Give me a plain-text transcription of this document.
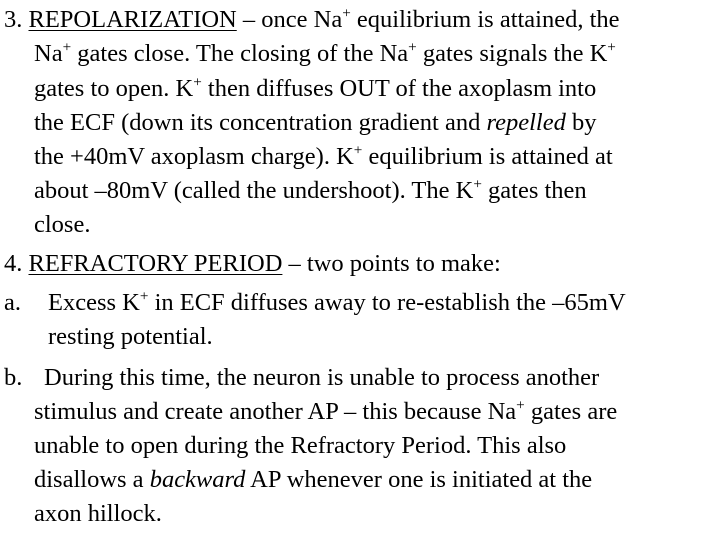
3. REPOLARIZATION – once Na+ equilibrium is attained, the
Na+ gates close. The closing of the Na+ gates signals the K+
gates to open. K+ then diffuses OUT of the axoplasm into
the ECF (down its concentration gradient and repelled by
the +40mV axoplasm charge). K+ equilibrium is attained at
about –80mV (called the undershoot). The K+ gates then
close.
4. REFRACTORY PERIOD – two points to make:
a. Excess K+ in ECF diffuses away to re-establish the –65mV
resting potential.
b. During this time, the neuron is unable to process another
stimulus and create another AP – this because Na+ gates are
unable to open during the Refractory Period. This also
disallows a backward AP whenever one is initiated at the
axon hillock.
